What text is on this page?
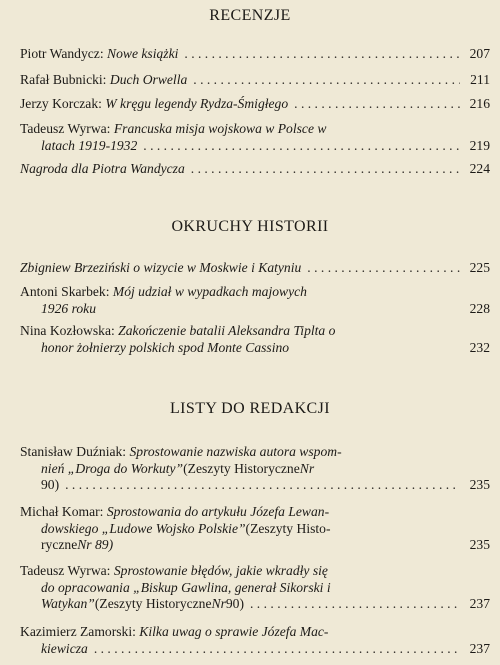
RECENZJE
Piotr Wandycz:
Nowe książki . . .	207
Rafał Bubnicki:
Duch Orwella . . .	211
Jerzy Korczak:
W kręgu legendy Rydza-Śmigłego . . .	216
Tadeusz Wyrwa:
Francuska misja wojskowa w Polsce w
latach 1919-1932 . . .	219
Nagroda dla Piotra Wandycza . . .	224
OKRUCHY HISTORII
Zbigniew Brzeziński o wizycie w Moskwie i Katyniu . . .	225
Antoni Skarbek:
Mój udział w wypadkach majowych
1926 roku	228
Nina Kozłowska:
Zakończenie batalii Aleksandra Tiplta o
honor żołnierzy polskich spod Monte Cassino	232
LISTY DO REDAKCJI
Stanisław Duźniak:
Sprostowanie nazwiska autora wspom-
nień „Droga do Workuty” (Zeszyty Historyczne Nr
90) . . .	235
Michał Komar:
Sprostowania do artykułu Józefa Lewan-
dowskiego „Ludowe Wojsko Polskie” (Zeszyty Histo-
ryczne Nr 89)	235
Tadeusz Wyrwa:
Sprostowanie błędów, jakie wkradły się
do opracowania „Biskup Gawlina, generał Sikorski i
Watykan” (Zeszyty Historyczne Nr 90) . . .	237
Kazimierz Zamorski:
Kilka uwag o sprawie Józefa Mac-
kiewicza . . .	237
